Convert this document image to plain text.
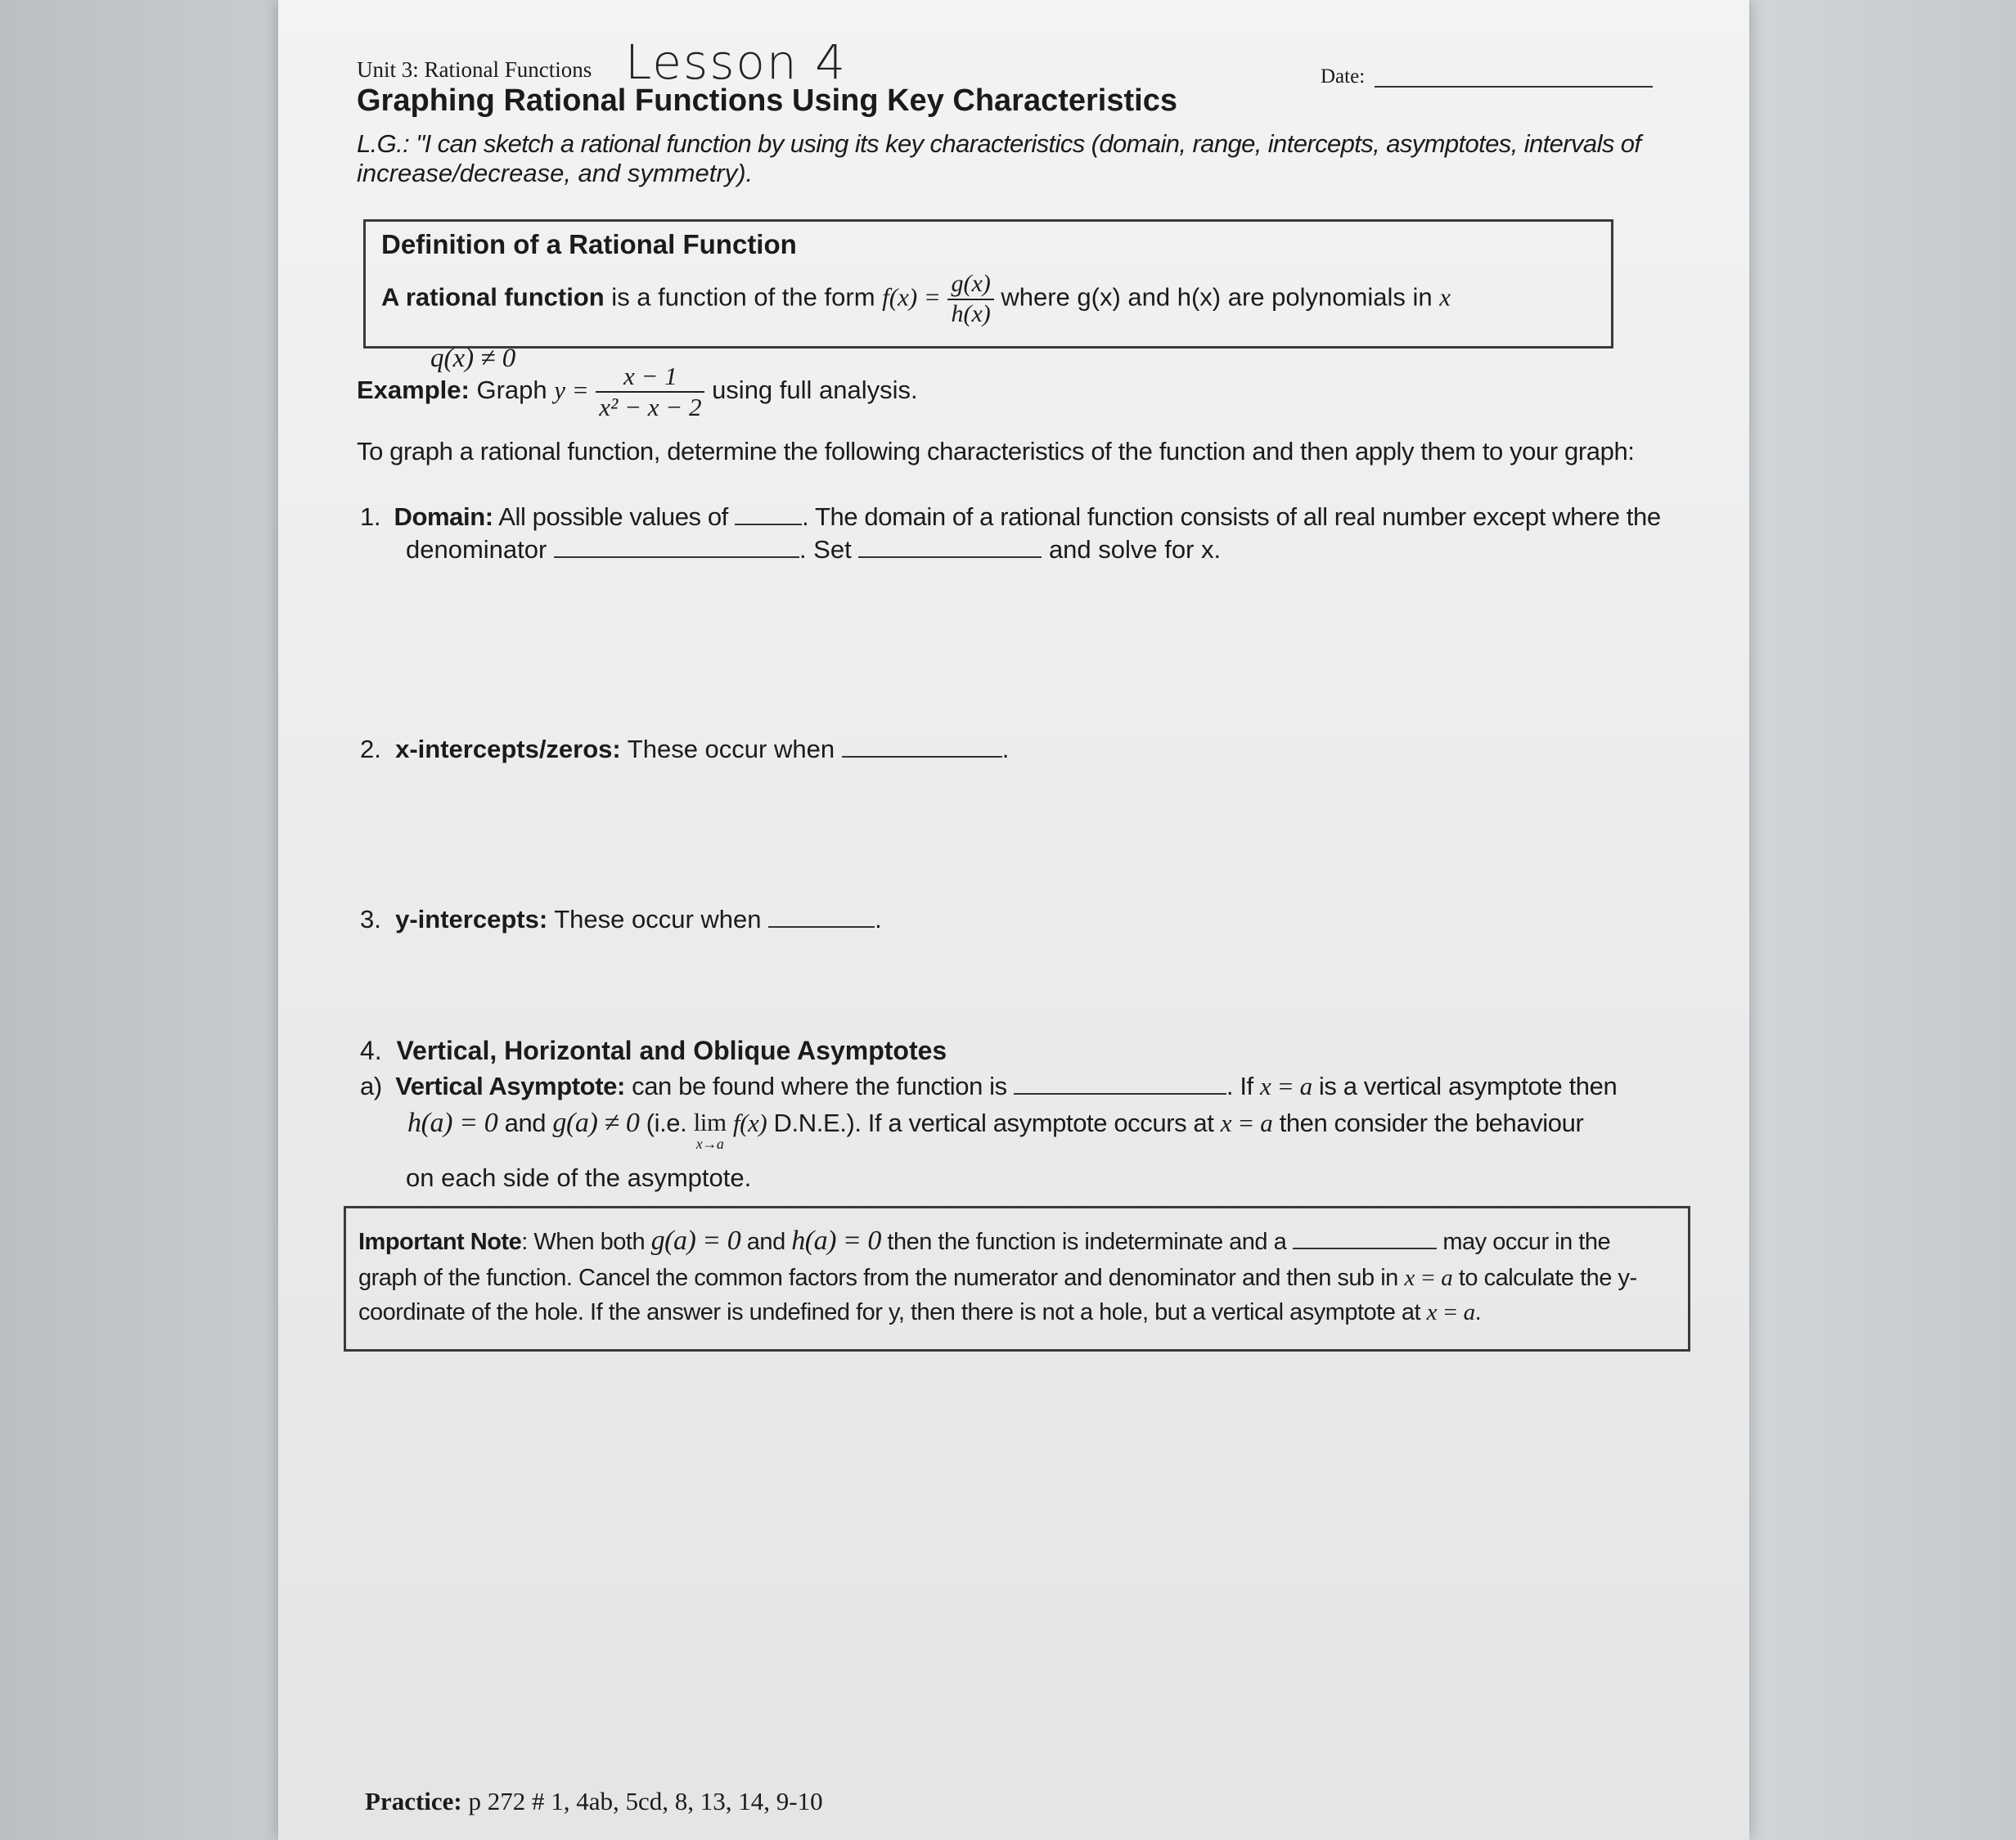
Unit 3: Rational Functions Lesson 4	Date:
Graphing Rational Functions Using Key Characteristics
L.G.: "I can sketch a rational function by using its key characteristics (domain, range, intercepts, asymptotes, intervals of
increase/decrease, and symmetry).
Definition of a Rational Function
A rational function is a function of the form $f(x) = \frac{g(x)}{h(x)}$ where g(x) and h(x) are polynomials in x
q(x) ≠ 0
Example: Graph $y = \frac{x - 1}{\text{x² − x − 2}}$ using full analysis.
To graph a rational function, determine the following characteristics of the function and then apply them to your graph:
1. Domain: All possible values of	. The domain of a rational function consists of all real number except where the
denominator	. Set	and solve for x.
2. x-intercepts/zeros: These occur when	.
3. y-intercepts: These occur when	.
4. Vertical, Horizontal and Oblique Asymptotes
a) Vertical Asymptote: can be found where the function is	. If x = a is a vertical asymptote then
h(a) = 0 and g(a) ≠ 0 (i.e. lim
x→a
f(x) D.N.E.). If a vertical asymptote occurs at x = a then consider the behaviour
on each side of the asymptote.
Important Note: When both g(a) = 0 and h(a) = 0 then the function is indeterminate and a	may occur in the
graph of the function. Cancel the common factors from the numerator and denominator and then sub in x = a to calculate the y-
coordinate of the hole. If the answer is undefined for y, then there is not a hole, but a vertical asymptote at x = a.
Practice: p 272 # 1, 4ab, 5cd, 8, 13, 14, 9-10
